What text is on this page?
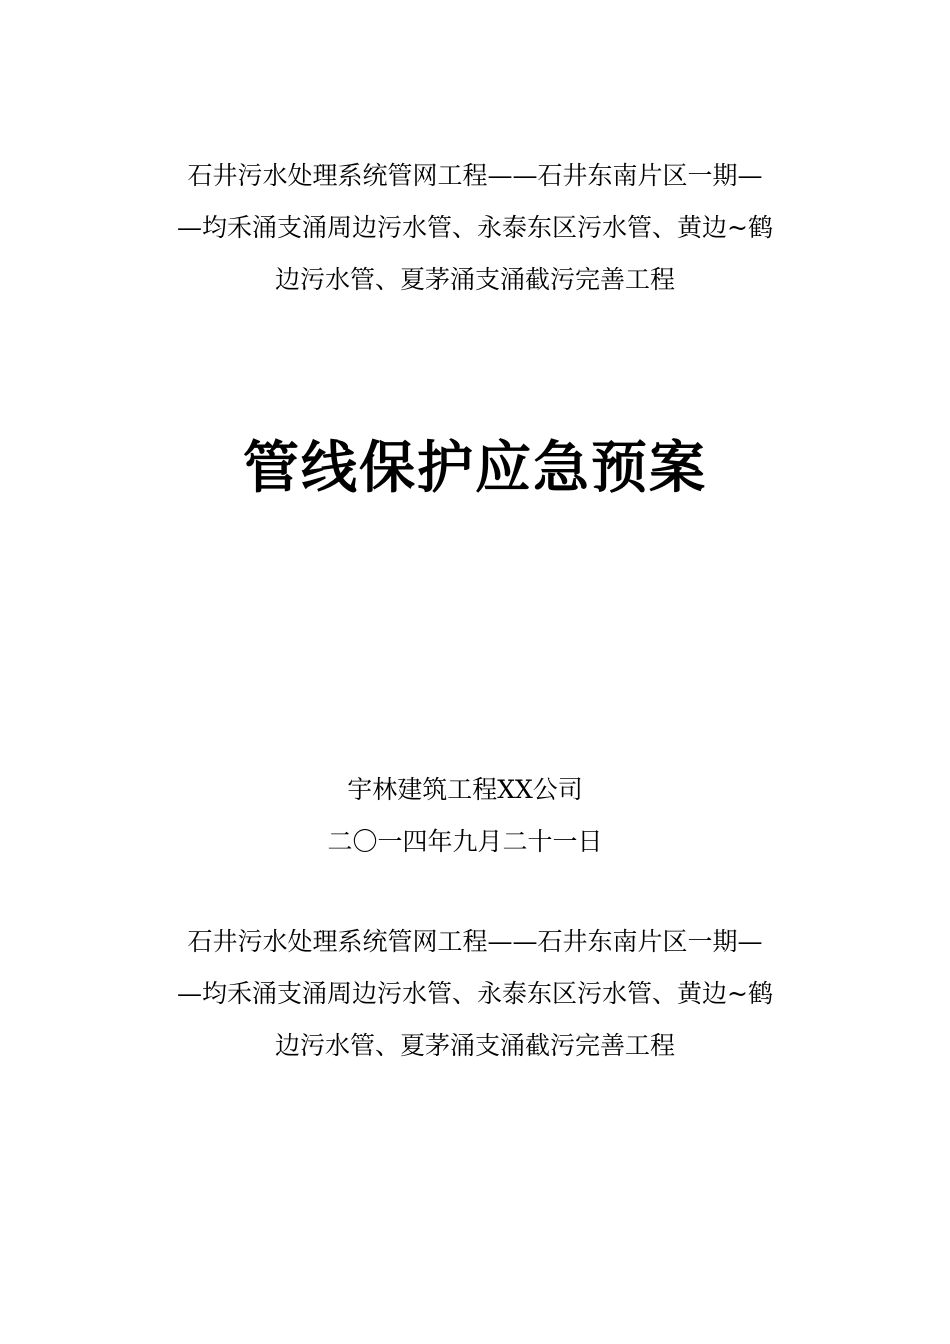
石井污水处理系统管网工程——石井东南片区一期—
—均禾涌支涌周边污水管、永泰东区污水管、黄边~鹤
边污水管、夏茅涌支涌截污完善工程
管线保护应急预案
宇林建筑工程XX公司
二〇一四年九月二十一日
石井污水处理系统管网工程——石井东南片区一期—
—均禾涌支涌周边污水管、永泰东区污水管、黄边~鹤
边污水管、夏茅涌支涌截污完善工程
